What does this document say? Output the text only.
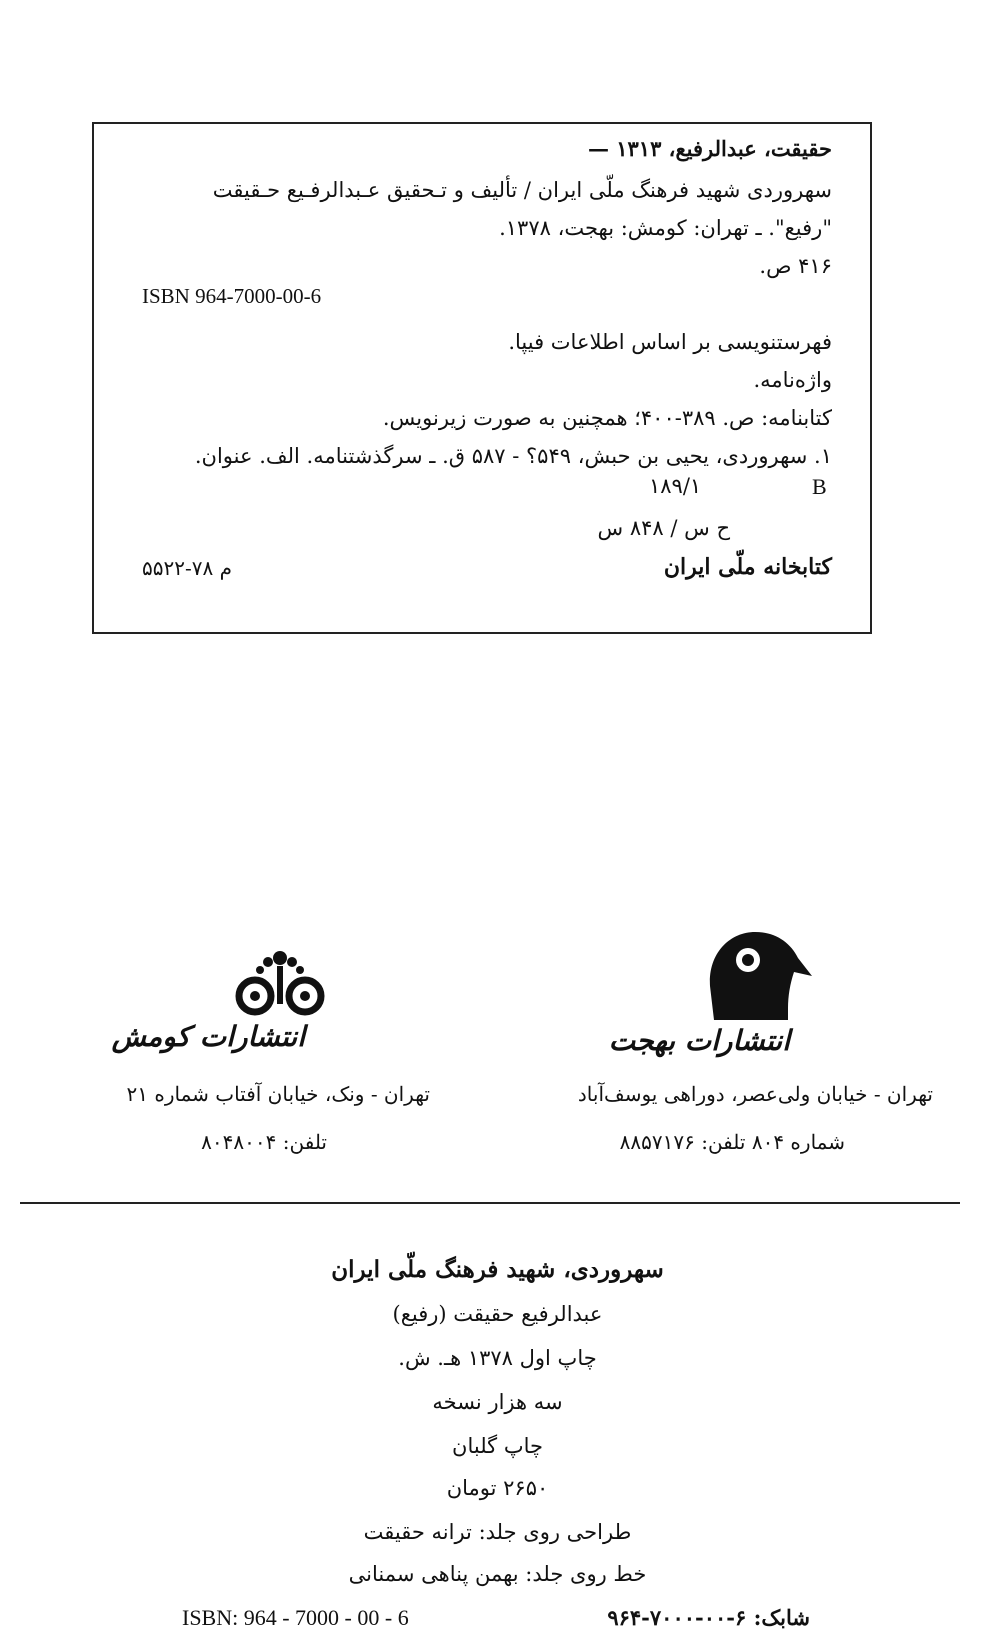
حقیقت، عبدالرفیع، ۱۳۱۳ —
سهروردی شهید فرهنگ ملّی ایران / تألیف و تـحقیق عـبدالرفـیع حـقیقت
"رفیع". ـ تهران: کومش: بهجت، ۱۳۷۸.
۴۱۶ ص.
ISBN 964-7000-00-6
فهرستنویسی بر اساس اطلاعات فیپا.
واژه‌نامه.
کتابنامه: ص. ۳۸۹-۴۰۰؛ همچنین به صورت زیرنویس.
۱. سهروردی، یحیی بن حبش، ۵۴۹؟ - ۵۸۷ ق. ـ سرگذشتنامه. الف. عنوان.
۱۸۹/۱	B
ح س / ۸۴۸ س
کتابخانه ملّی ایران
م ۷۸-۵۵۲۲
انتشارات بهجت
تهران - خیابان ولی‌عصر، دوراهی یوسف‌آباد
شماره ۸۰۴ تلفن: ۸۸۵۷۱۷۶
انتشارات کومش
تهران - ونک، خیابان آفتاب شماره ۲۱
تلفن: ۸۰۴۸۰۰۴
سهروردی، شهید فرهنگ ملّی ایران
عبدالرفیع حقیقت (رفیع)
چاپ اول ۱۳۷۸ هـ. ش.
سه هزار نسخه
چاپ گلبان
۲۶۵۰ تومان
طراحی روی جلد: ترانه حقیقت
خط روی جلد: بهمن پناهی سمنانی
ISBN: 964 - 7000 - 00 - 6	شابک: ۶-۰۰-۷۰۰۰-۹۶۴
